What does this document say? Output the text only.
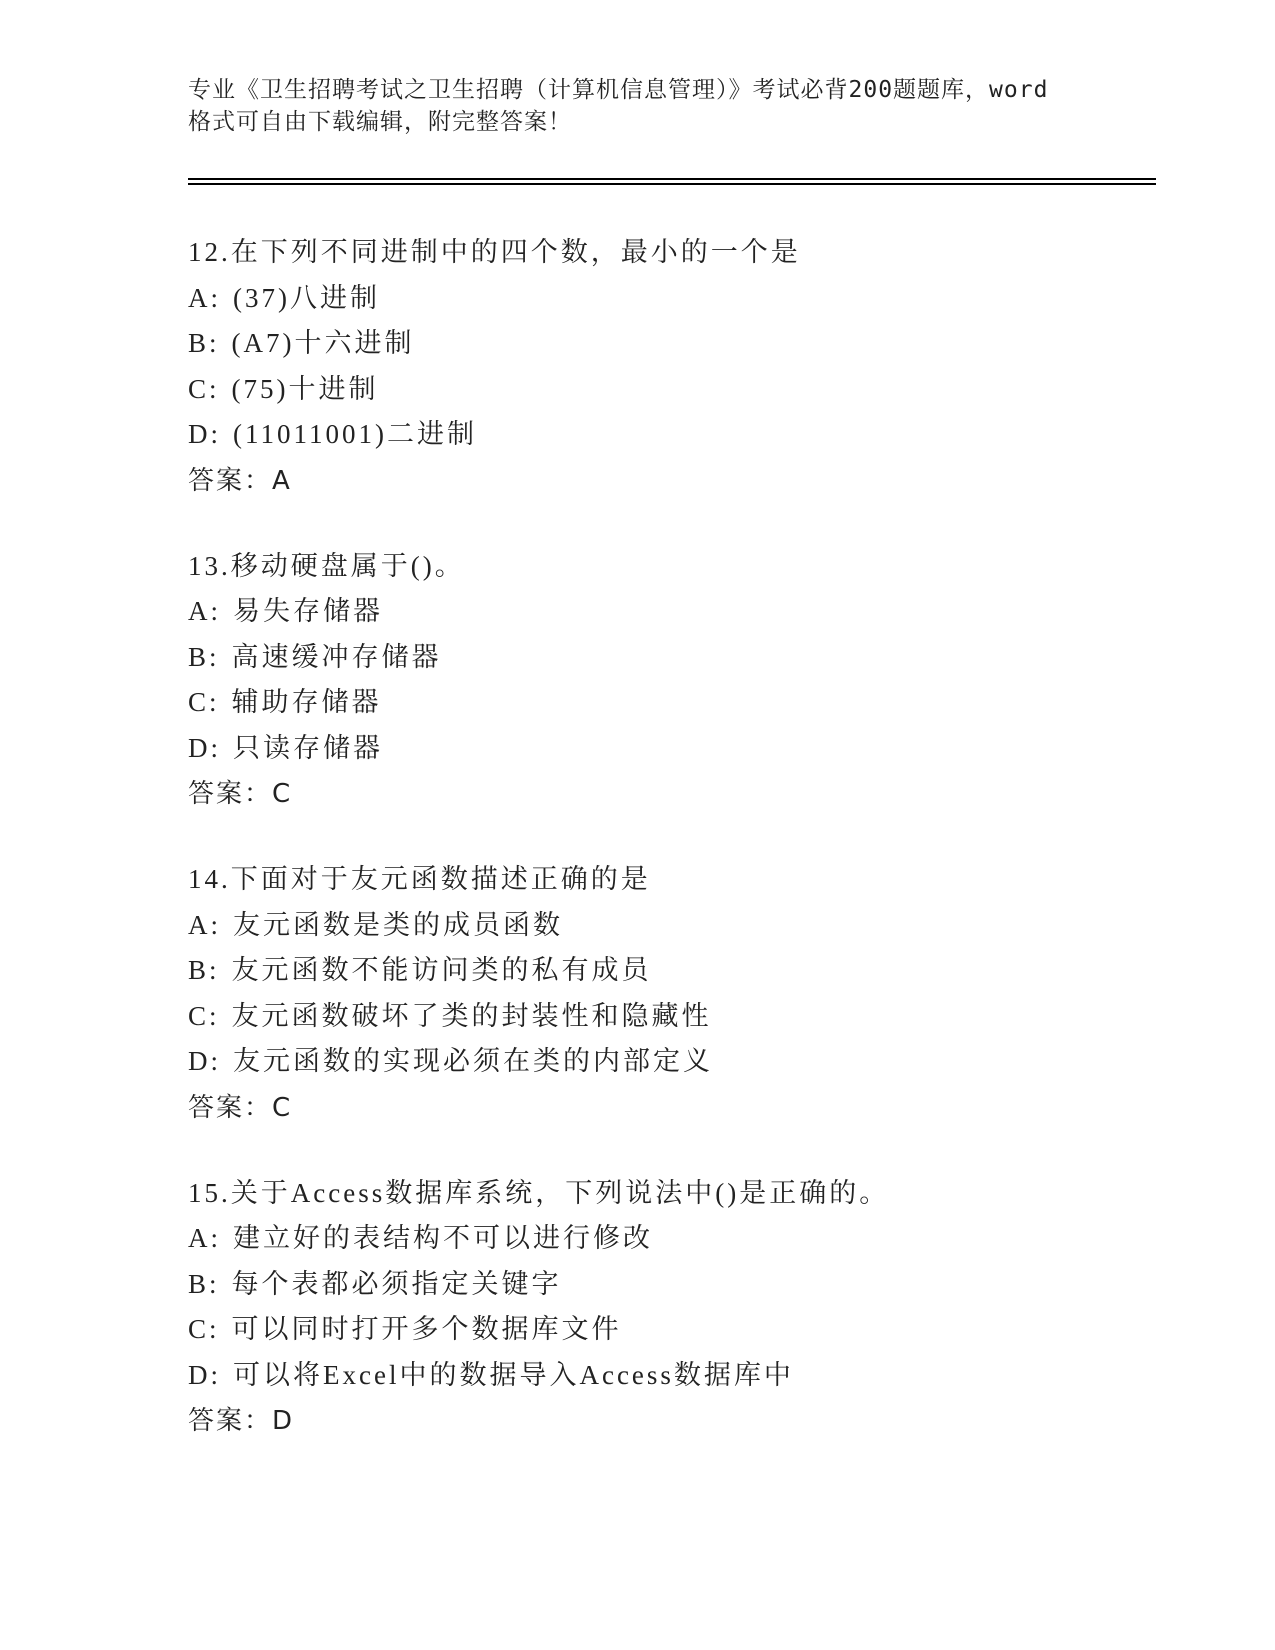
专业《卫生招聘考试之卫生招聘（计算机信息管理）》考试必背200题题库，word

格式可自由下载编辑，附完整答案！

12.在下列不同进制中的四个数，最小的一个是
A: (37)八进制
B: (A7)十六进制
C: (75)十进制
D: (11011001)二进制
答案：A
13.移动硬盘属于()。
A: 易失存储器
B: 高速缓冲存储器
C: 辅助存储器
D: 只读存储器
答案：C
14.下面对于友元函数描述正确的是
A: 友元函数是类的成员函数
B: 友元函数不能访问类的私有成员
C: 友元函数破坏了类的封装性和隐藏性
D: 友元函数的实现必须在类的内部定义
答案：C
15.关于Access数据库系统，下列说法中()是正确的。
A: 建立好的表结构不可以进行修改
B: 每个表都必须指定关键字
C: 可以同时打开多个数据库文件
D: 可以将Excel中的数据导入Access数据库中
答案：D
